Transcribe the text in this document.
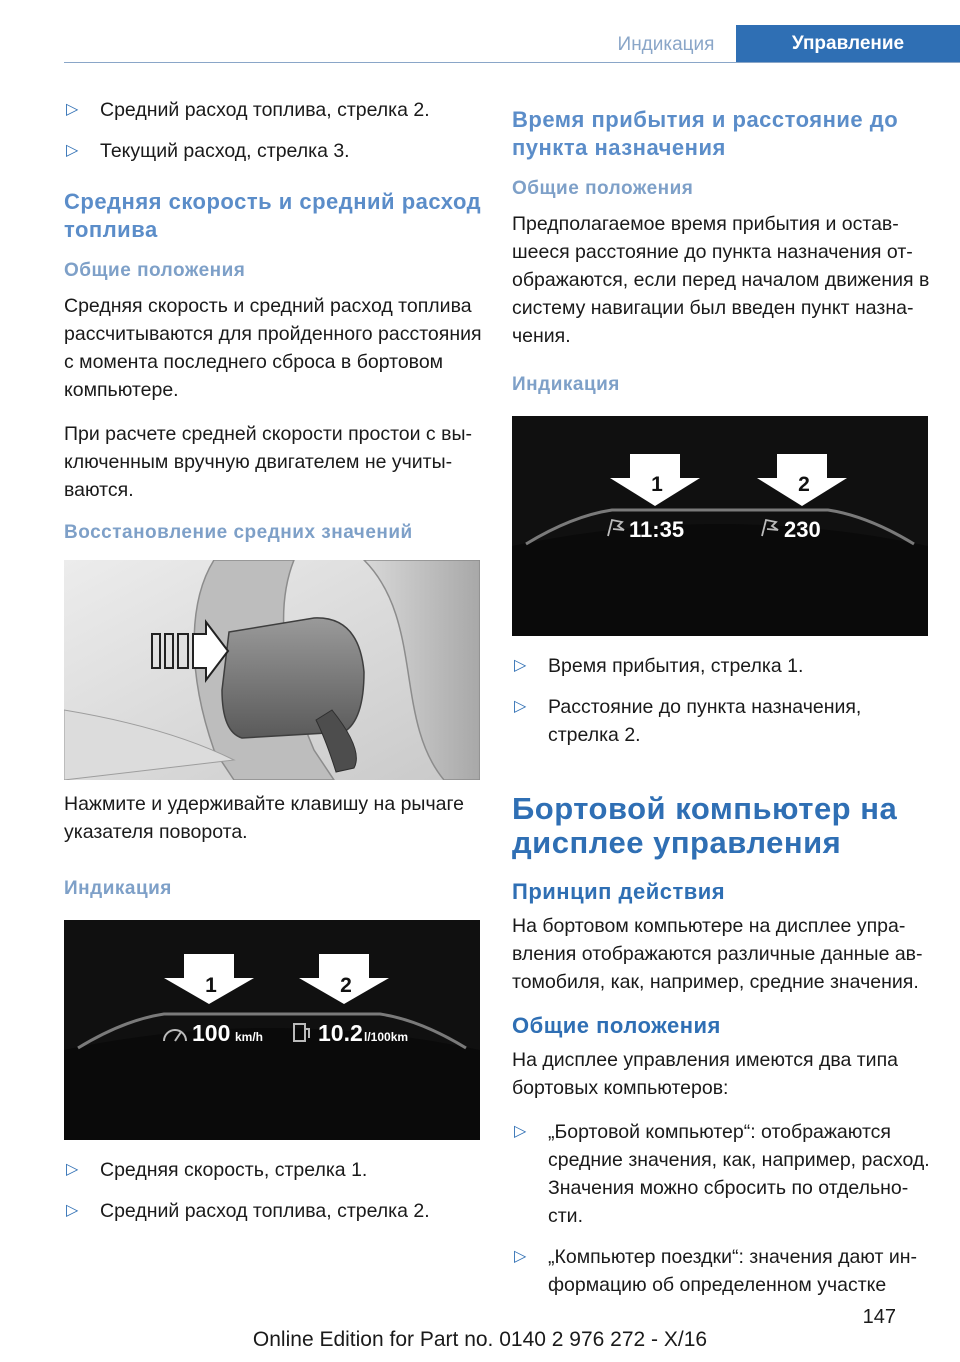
Индикация	Управление
▷ Средний расход топлива, стрелка 2.
▷ Текущий расход, стрелка 3.
Средняя скорость и средний расход топлива
Общие положения

Средняя скорость и средний расход топлива рассчитываются для пройденного расстояния с момента последнего сброса в бортовом компьютере.

При расчете средней скорости простои с выключенным вручную двигателем не учитываются.

Восстановление средних значений

Нажмите и удерживайте клавишу на рычаге указателя поворота.

Индикация
1	2
100 km/h 10.2 l/100km
▷ Средняя скорость, стрелка 1.
▷ Средний расход топлива, стрелка 2.
Время прибытия и расстояние до пункта назначения
Общие положения

Предполагаемое время прибытия и оставшееся расстояние до пункта назначения отображаются, если перед началом движения в систему навигации был введен пункт назначения.

Индикация
1	2
11:35	230
▷ Время прибытия, стрелка 1.
▷ Расстояние до пункта назначения, стрелка 2.
Бортовой компьютер на дисплее управления
Принцип действия

На бортовом компьютере на дисплее управления отображаются различные данные автомобиля, как, например, средние значения.

Общие положения

На дисплее управления имеются два типа бортовых компьютеров:

▷ „Бортовой компьютер“: отображаются средние значения, как, например, расход. Значения можно сбросить по отдельности.
▷ „Компьютер поездки“: значения дают информацию об определенном участке
147
Online Edition for Part no. 0140 2 976 272 - X/16
